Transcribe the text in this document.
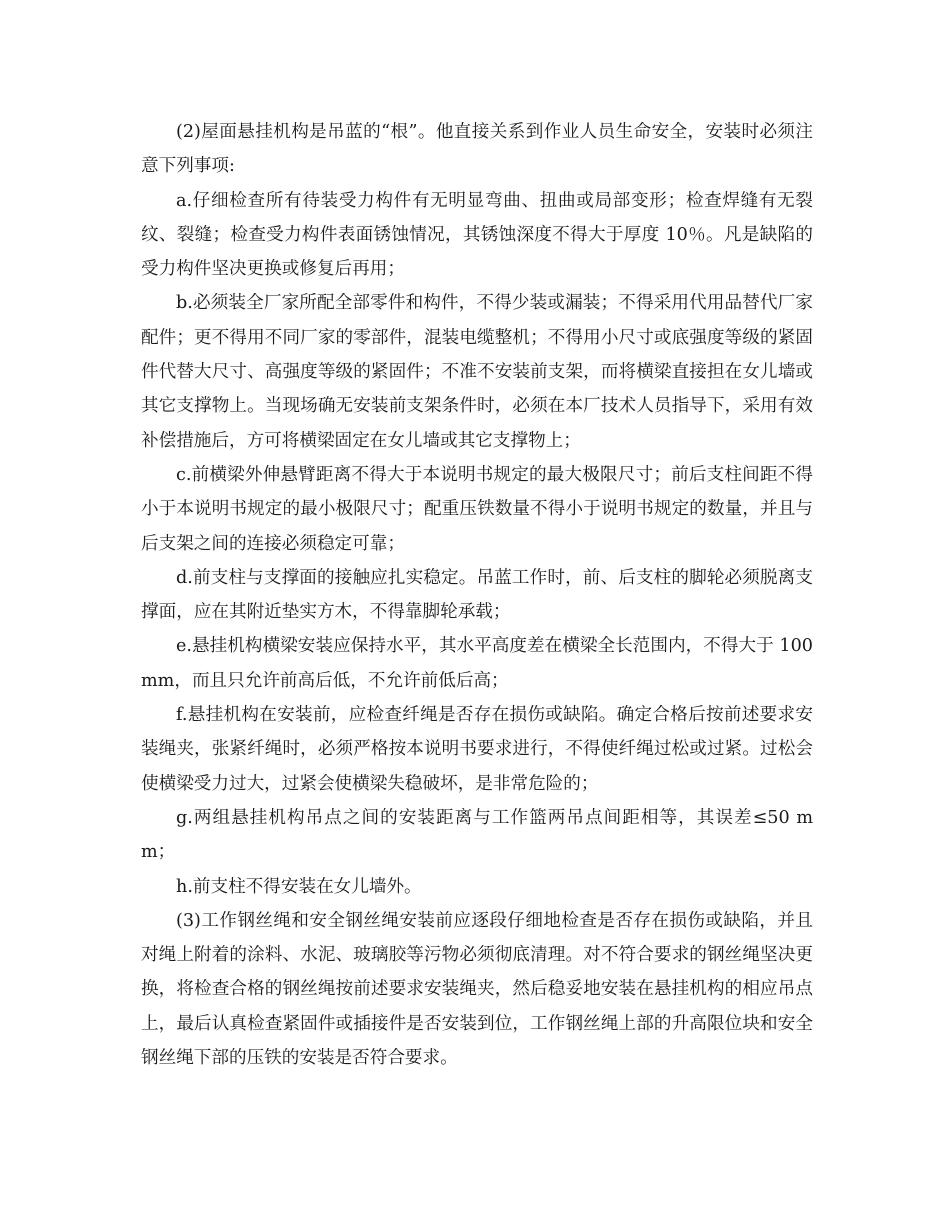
(2)屋面悬挂机构是吊蓝的“根”。他直接关系到作业人员生命安全，安装时必须注意下列事项:

a.仔细检查所有待装受力构件有无明显弯曲、扭曲或局部变形；检查焊缝有无裂纹、裂缝；检查受力构件表面锈蚀情况，其锈蚀深度不得大于厚度 10％。凡是缺陷的受力构件坚决更换或修复后再用；

b.必须装全厂家所配全部零件和构件，不得少装或漏装；不得采用代用品替代厂家配件；更不得用不同厂家的零部件，混装电缆整机；不得用小尺寸或底强度等级的紧固件代替大尺寸、高强度等级的紧固件；不准不安装前支架，而将横梁直接担在女儿墙或其它支撑物上。当现场确无安装前支架条件时，必须在本厂技术人员指导下，采用有效补偿措施后，方可将横梁固定在女儿墙或其它支撑物上；

c.前横梁外伸悬臂距离不得大于本说明书规定的最大极限尺寸；前后支柱间距不得小于本说明书规定的最小极限尺寸；配重压铁数量不得小于说明书规定的数量，并且与后支架之间的连接必须稳定可靠；

d.前支柱与支撑面的接触应扎实稳定。吊蓝工作时，前、后支柱的脚轮必须脱离支撑面，应在其附近垫实方木，不得靠脚轮承载；

e.悬挂机构横梁安装应保持水平，其水平高度差在横梁全长范围内，不得大于 100mm，而且只允许前高后低，不允许前低后高；

f.悬挂机构在安装前，应检查纤绳是否存在损伤或缺陷。确定合格后按前述要求安装绳夹，张紧纤绳时，必须严格按本说明书要求进行，不得使纤绳过松或过紧。过松会使横梁受力过大，过紧会使横梁失稳破坏，是非常危险的；

g.两组悬挂机构吊点之间的安装距离与工作篮两吊点间距相等，其误差≤50 mm；

h.前支柱不得安装在女儿墙外。

(3)工作钢丝绳和安全钢丝绳安装前应逐段仔细地检查是否存在损伤或缺陷，并且对绳上附着的涂料、水泥、玻璃胶等污物必须彻底清理。对不符合要求的钢丝绳坚决更换，将检查合格的钢丝绳按前述要求安装绳夹，然后稳妥地安装在悬挂机构的相应吊点上，最后认真检查紧固件或插接件是否安装到位，工作钢丝绳上部的升高限位块和安全钢丝绳下部的压铁的安装是否符合要求。
